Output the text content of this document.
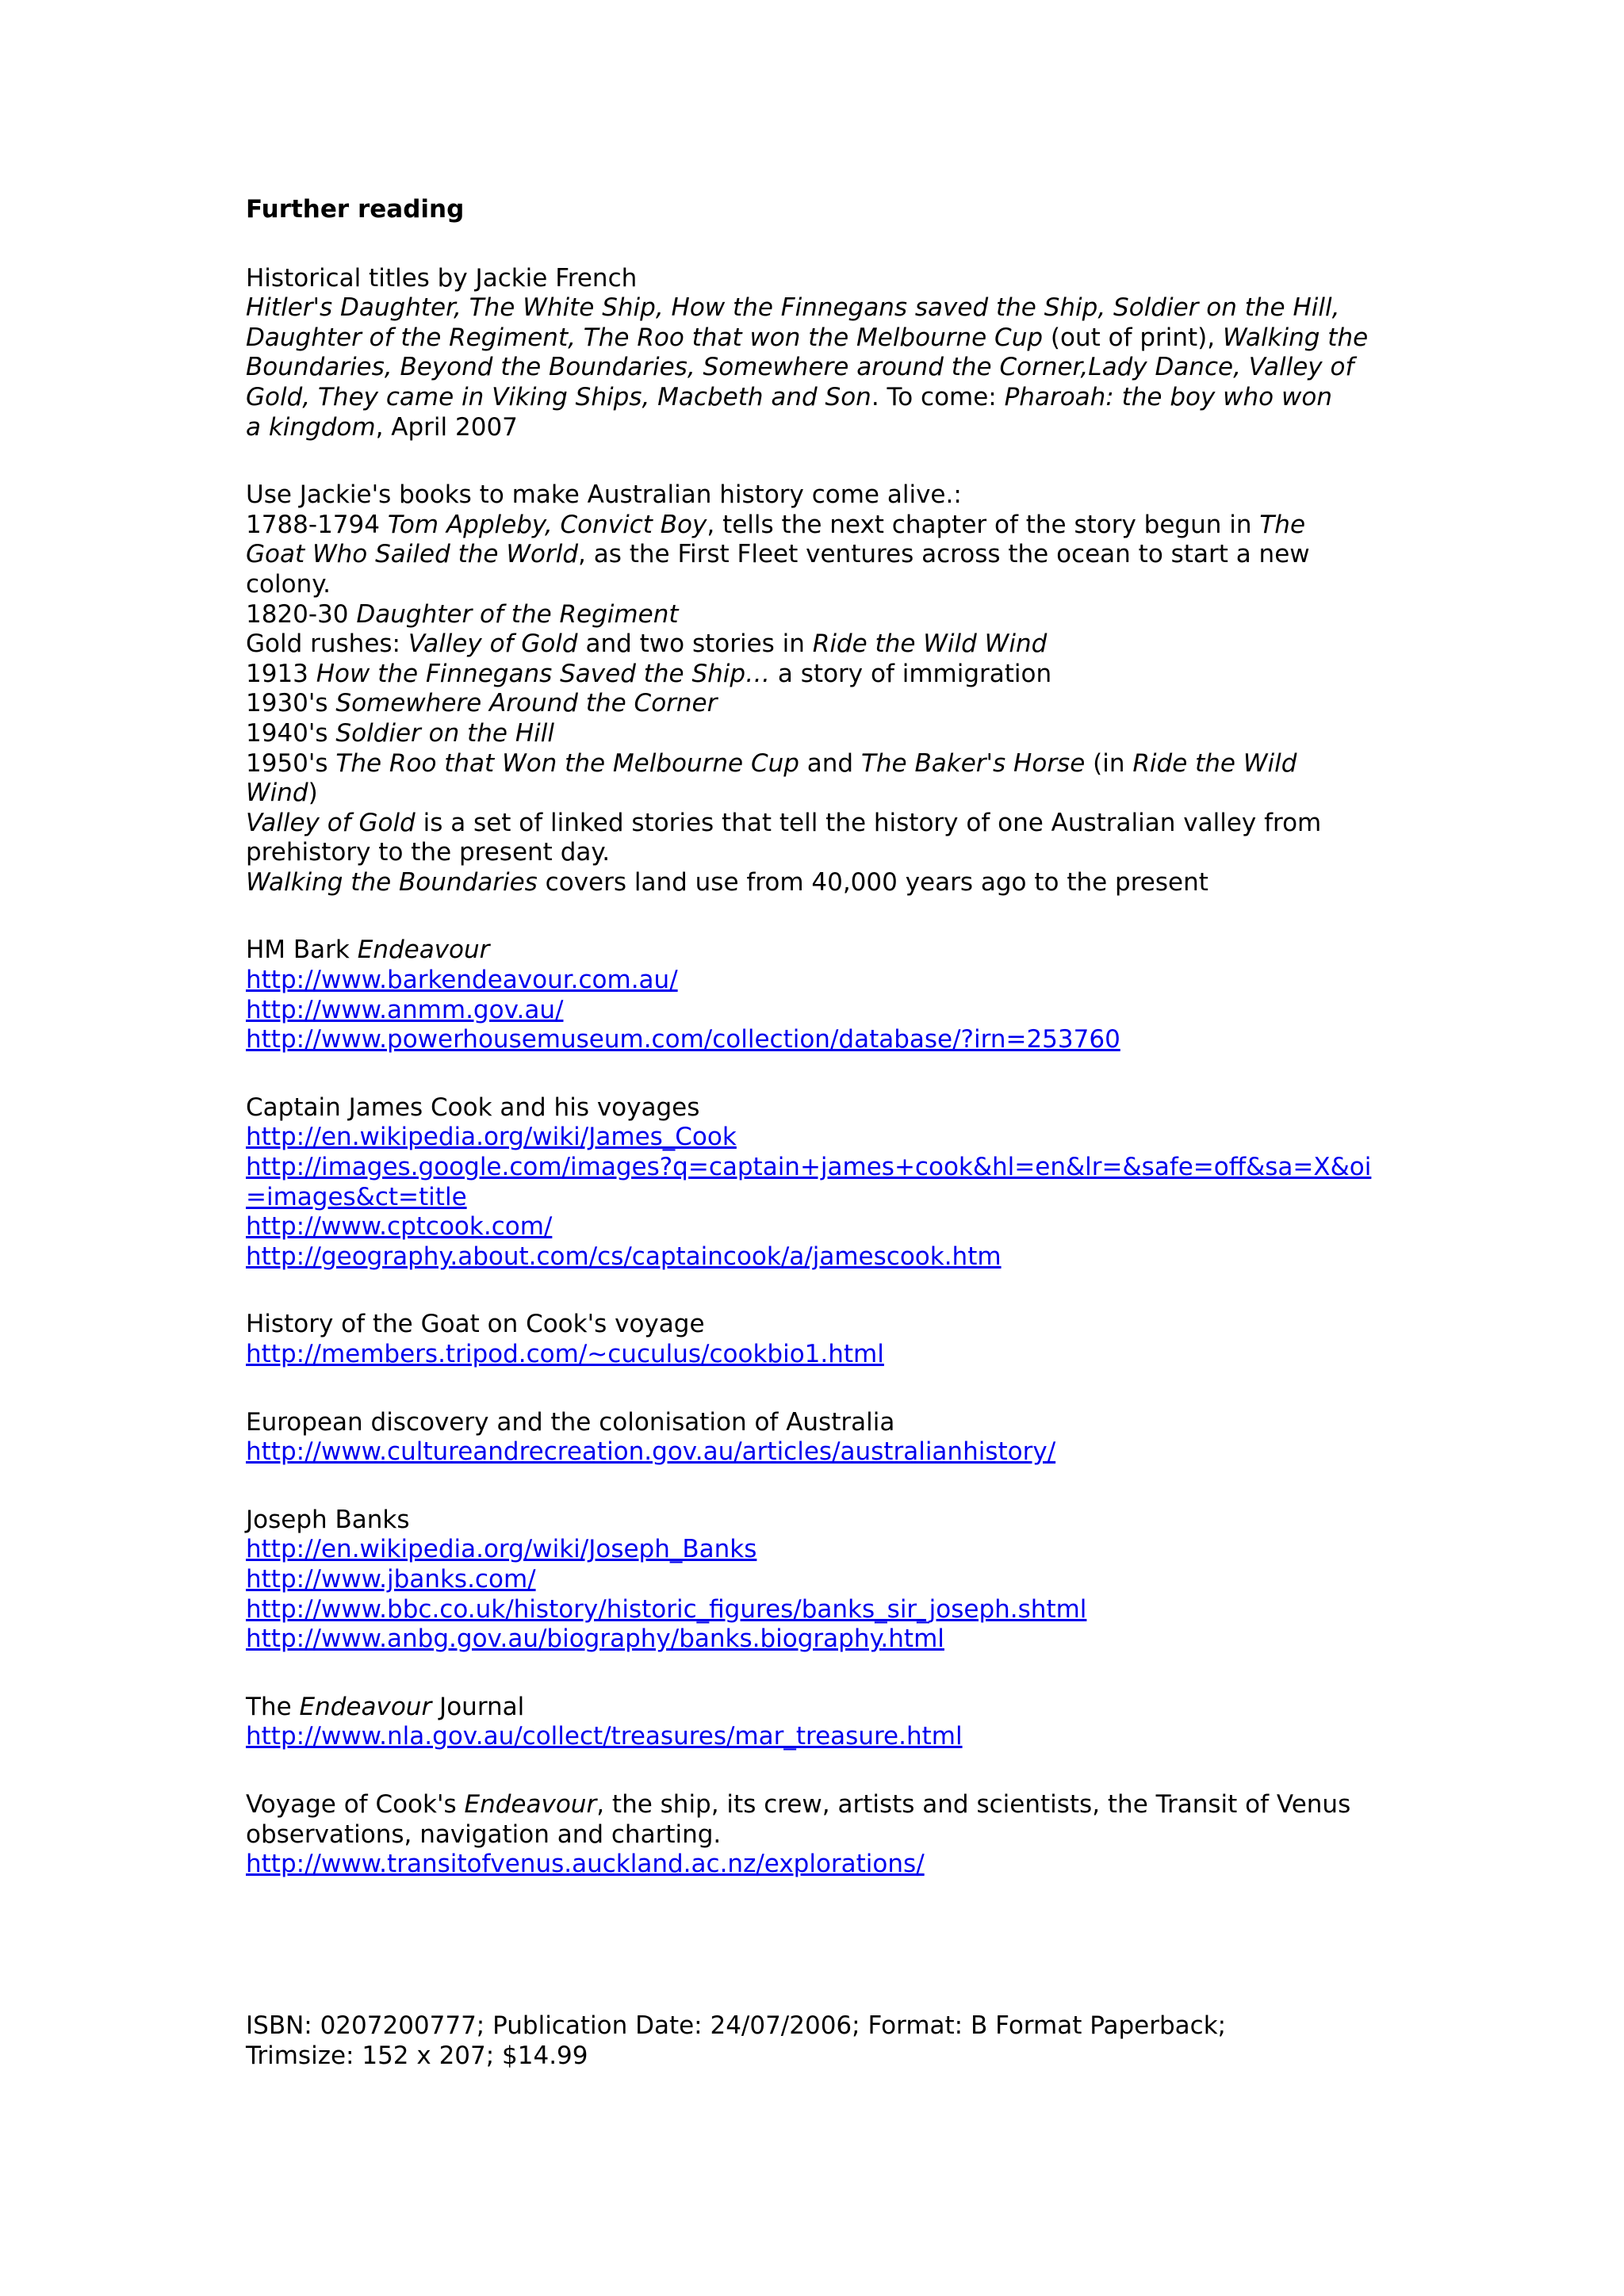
Further reading
Historical titles by Jackie French
Hitler's Daughter, The White Ship, How the Finnegans saved the Ship, Soldier on the Hill,
Daughter of the Regiment, The Roo that won the Melbourne Cup (out of print), Walking the
Boundaries, Beyond the Boundaries, Somewhere around the Corner,Lady Dance, Valley of
Gold, They came in Viking Ships, Macbeth and Son. To come: Pharoah: the boy who won
a kingdom, April 2007
Use Jackie's books to make Australian history come alive.:
1788-1794 Tom Appleby, Convict Boy, tells the next chapter of the story begun in The
Goat Who Sailed the World, as the First Fleet ventures across the ocean to start a new
colony.
1820-30 Daughter of the Regiment
Gold rushes: Valley of Gold and two stories in Ride the Wild Wind
1913 How the Finnegans Saved the Ship… a story of immigration
1930's Somewhere Around the Corner
1940's Soldier on the Hill
1950's The Roo that Won the Melbourne Cup and The Baker's Horse (in Ride the Wild
Wind)
Valley of Gold is a set of linked stories that tell the history of one Australian valley from
prehistory to the present day.
Walking the Boundaries covers land use from 40,000 years ago to the present
HM Bark Endeavour
http://www.barkendeavour.com.au/
http://www.anmm.gov.au/
http://www.powerhousemuseum.com/collection/database/?irn=253760
Captain James Cook and his voyages
http://en.wikipedia.org/wiki/James_Cook
http://images.google.com/images?q=captain+james+cook&hl=en&lr=&safe=off&sa=X&oi
=images&ct=title
http://www.cptcook.com/
http://geography.about.com/cs/captaincook/a/jamescook.htm
History of the Goat on Cook's voyage
http://members.tripod.com/~cuculus/cookbio1.html
European discovery and the colonisation of Australia
http://www.cultureandrecreation.gov.au/articles/australianhistory/
Joseph Banks
http://en.wikipedia.org/wiki/Joseph_Banks
http://www.jbanks.com/
http://www.bbc.co.uk/history/historic_figures/banks_sir_joseph.shtml
http://www.anbg.gov.au/biography/banks.biography.html
The Endeavour Journal
http://www.nla.gov.au/collect/treasures/mar_treasure.html
Voyage of Cook's Endeavour, the ship, its crew, artists and scientists, the Transit of Venus
observations, navigation and charting.
http://www.transitofvenus.auckland.ac.nz/explorations/
ISBN: 0207200777; Publication Date: 24/07/2006; Format: B Format Paperback;
Trimsize: 152 x 207; $14.99
